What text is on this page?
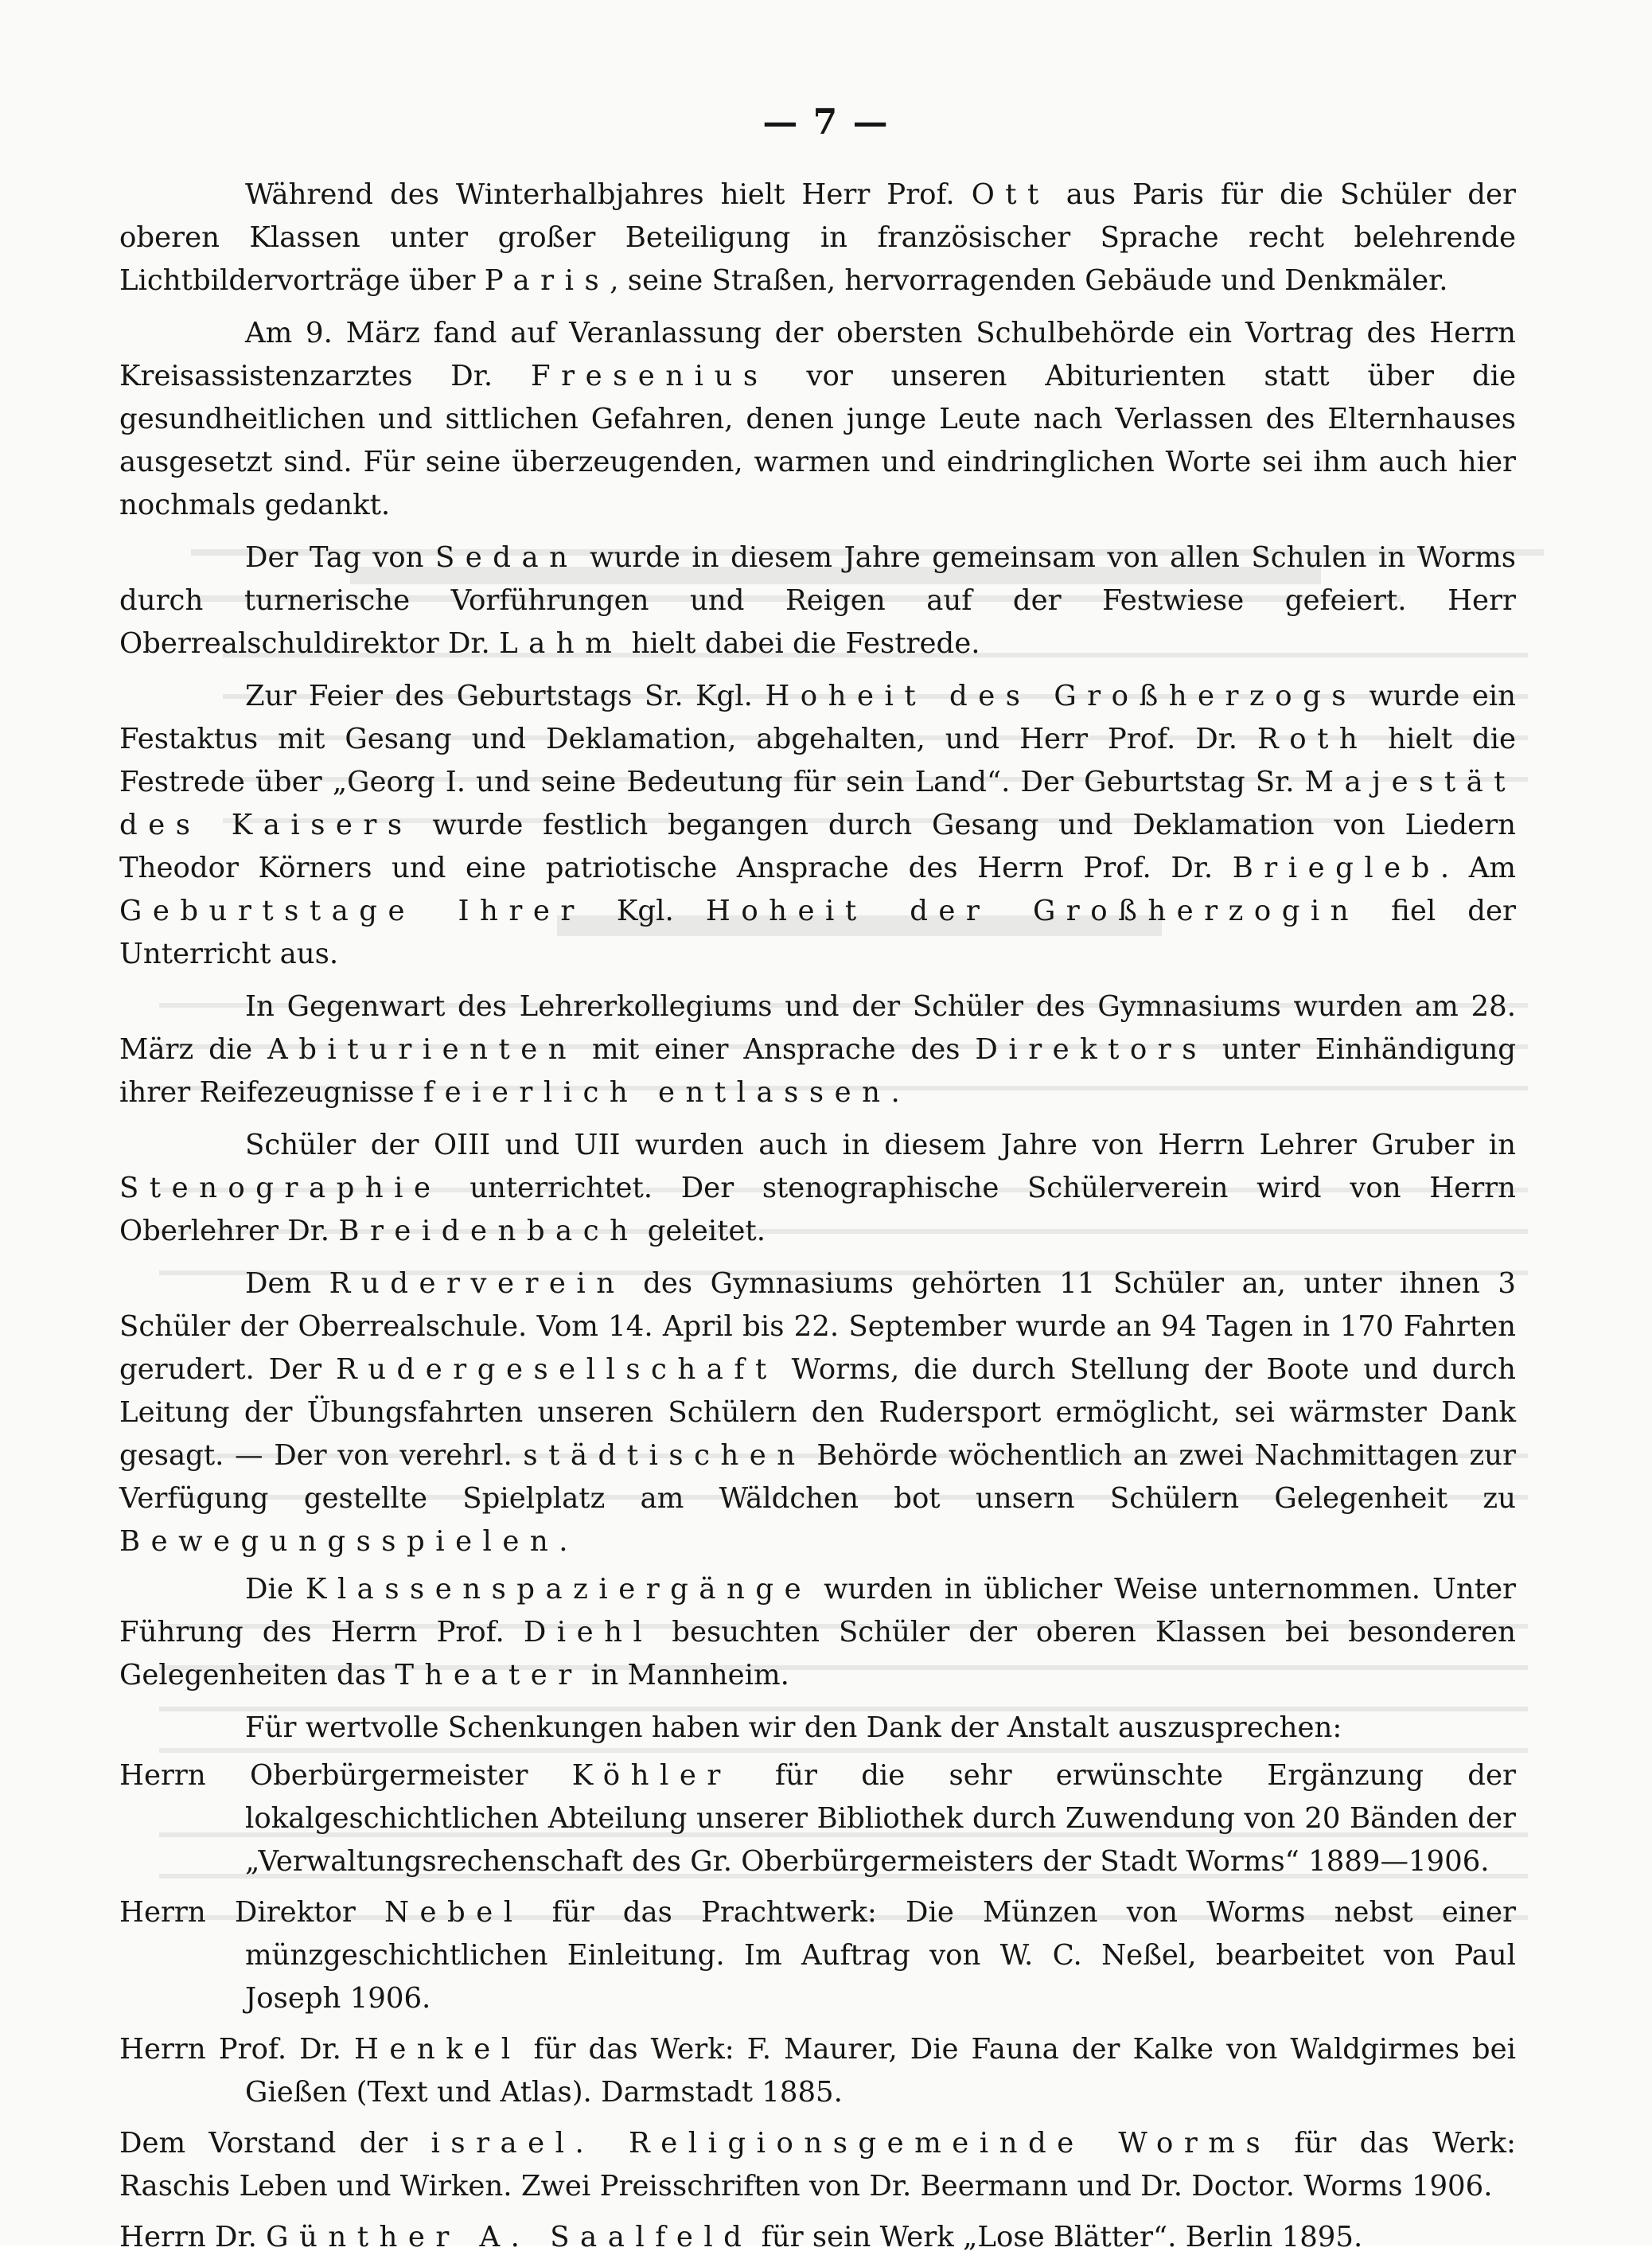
— 7 —

Während des Winterhalbjahres hielt Herr Prof. Ott aus Paris für die Schüler der oberen Klassen unter großer Beteiligung in französischer Sprache recht belehrende Lichtbildervorträge über Paris, seine Straßen, hervorragenden Gebäude und Denkmäler.

Am 9. März fand auf Veranlassung der obersten Schulbehörde ein Vortrag des Herrn Kreisassistenzarztes Dr. Fresenius vor unseren Abiturienten statt über die gesundheitlichen und sittlichen Gefahren, denen junge Leute nach Verlassen des Elternhauses ausgesetzt sind. Für seine überzeugenden, warmen und eindringlichen Worte sei ihm auch hier nochmals gedankt.

Der Tag von Sedan wurde in diesem Jahre gemeinsam von allen Schulen in Worms durch turnerische Vorführungen und Reigen auf der Festwiese gefeiert. Herr Oberrealschuldirektor Dr. Lahm hielt dabei die Festrede.

Zur Feier des Geburtstags Sr. Kgl. Hoheit des Großherzogs wurde ein Festaktus mit Gesang und Deklamation, abgehalten, und Herr Prof. Dr. Roth hielt die Festrede über „Georg I. und seine Bedeutung für sein Land“. Der Geburtstag Sr. Majestät des Kaisers wurde festlich begangen durch Gesang und Deklamation von Liedern Theodor Körners und eine patriotische Ansprache des Herrn Prof. Dr. Briegleb. Am Geburtstage Ihrer Kgl. Hoheit der Großherzogin fiel der Unterricht aus.

In Gegenwart des Lehrerkollegiums und der Schüler des Gymnasiums wurden am 28. März die Abiturienten mit einer Ansprache des Direktors unter Einhändigung ihrer Reifezeugnisse feierlich entlassen.

Schüler der OIII und UII wurden auch in diesem Jahre von Herrn Lehrer Gruber in Stenographie unterrichtet. Der stenographische Schülerverein wird von Herrn Oberlehrer Dr. Breidenbach geleitet.

Dem Ruderverein des Gymnasiums gehörten 11 Schüler an, unter ihnen 3 Schüler der Oberrealschule. Vom 14. April bis 22. September wurde an 94 Tagen in 170 Fahrten gerudert. Der Rudergesellschaft Worms, die durch Stellung der Boote und durch Leitung der Übungsfahrten unseren Schülern den Rudersport ermöglicht, sei wärmster Dank gesagt. — Der von verehrl. städtischen Behörde wöchentlich an zwei Nachmittagen zur Verfügung gestellte Spielplatz am Wäldchen bot unsern Schülern Gelegenheit zu Bewegungsspielen.

Die Klassenspaziergänge wurden in üblicher Weise unternommen. Unter Führung des Herrn Prof. Diehl besuchten Schüler der oberen Klassen bei besonderen Gelegenheiten das Theater in Mannheim.

Für wertvolle Schenkungen haben wir den Dank der Anstalt auszusprechen:

Herrn Oberbürgermeister Köhler für die sehr erwünschte Ergänzung der lokalgeschichtlichen Abteilung unserer Bibliothek durch Zuwendung von 20 Bänden der „Verwaltungsrechenschaft des Gr. Oberbürgermeisters der Stadt Worms“ 1889—1906.

Herrn Direktor Nebel für das Prachtwerk: Die Münzen von Worms nebst einer münzgeschichtlichen Einleitung. Im Auftrag von W. C. Neßel, bearbeitet von Paul Joseph 1906.

Herrn Prof. Dr. Henkel für das Werk: F. Maurer, Die Fauna der Kalke von Waldgirmes bei Gießen (Text und Atlas). Darmstadt 1885.

Dem Vorstand der israel. Religionsgemeinde Worms für das Werk: Raschis Leben und Wirken. Zwei Preisschriften von Dr. Beermann und Dr. Doctor. Worms 1906.

Herrn Dr. Günther A. Saalfeld für sein Werk „Lose Blätter“. Berlin 1895.
